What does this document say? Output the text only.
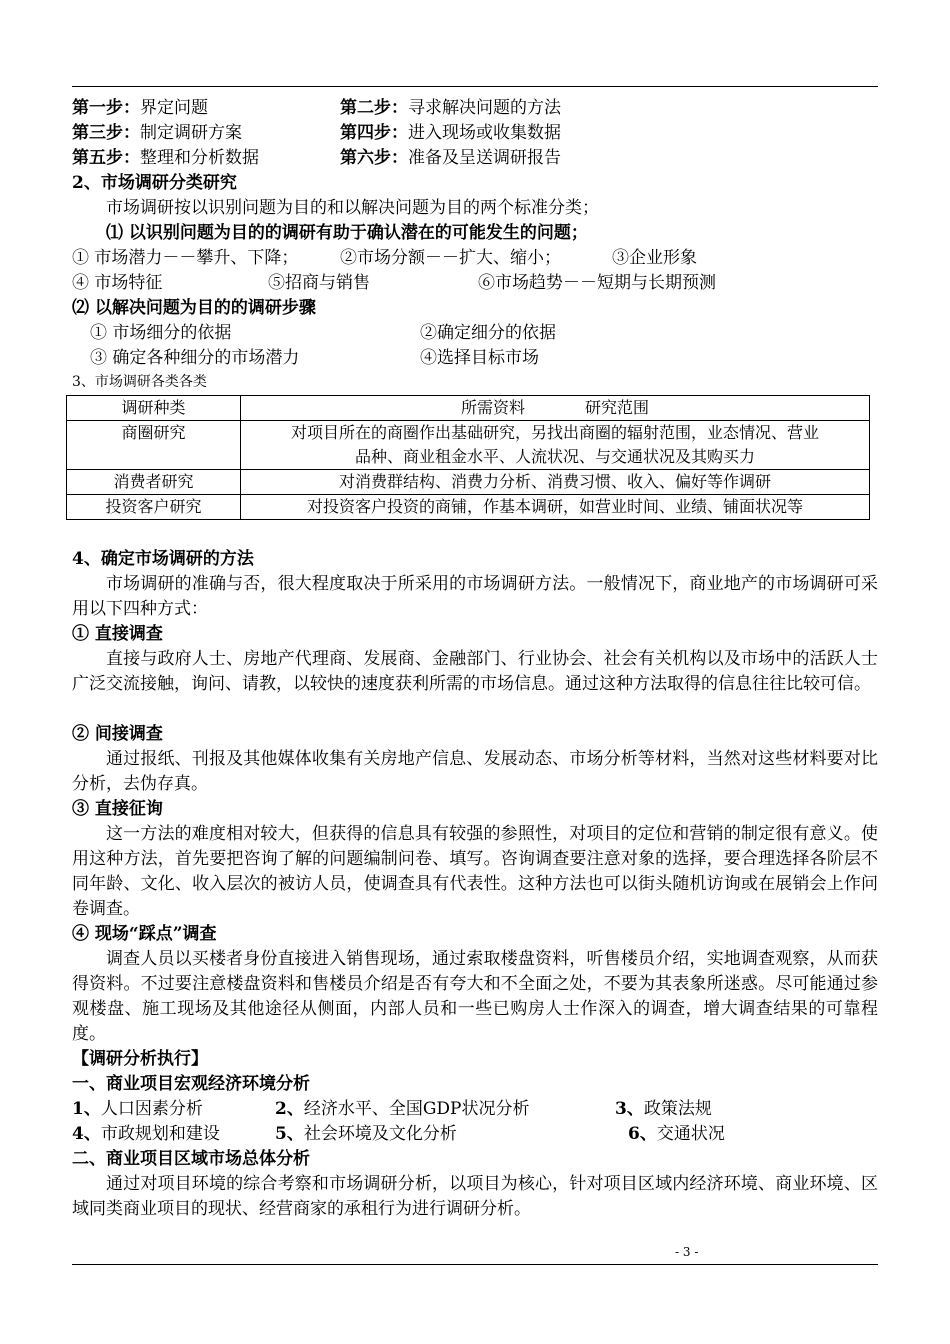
第一步：界定问题	第二步：寻求解决问题的方法
第三步：制定调研方案	第四步：进入现场或收集数据
第五步：整理和分析数据	第六步：准备及呈送调研报告
2、市场调研分类研究
市场调研按以识别问题为目的和以解决问题为目的两个标准分类；
⑴ 以识别问题为目的的调研有助于确认潜在的可能发生的问题；
① 市场潜力－－攀升、下降； ②市场分额－－扩大、缩小；	③企业形象
④ 市场特征	⑤招商与销售	⑥市场趋势－－短期与长期预测
⑵ 以解决问题为目的的调研步骤
① 市场细分的依据	②确定细分的依据
③ 确定各种细分的市场潜力	④选择目标市场
3、市场调研各类各类
调研种类	所需资料 研究范围
商圈研究	对项目所在的商圈作出基础研究，另找出商圈的辐射范围，业态情况、营业
品种、商业租金水平、人流状况、与交通状况及其购买力

消费者研究	对消费群结构、消费力分析、消费习惯、收入、偏好等作调研
投资客户研究	对投资客户投资的商铺，作基本调研，如营业时间、业绩、铺面状况等
4、确定市场调研的方法
市场调研的准确与否，很大程度取决于所采用的市场调研方法。一般情况下，商业地产的市场调研可采用以下四种方式：
① 直接调查
直接与政府人士、房地产代理商、发展商、金融部门、行业协会、社会有关机构以及市场中的活跃人士广泛交流接触，询问、请教，以较快的速度获利所需的市场信息。通过这种方法取得的信息往往比较可信。
② 间接调查
通过报纸、刊报及其他媒体收集有关房地产信息、发展动态、市场分析等材料，当然对这些材料要对比分析，去伪存真。
③ 直接征询
这一方法的难度相对较大，但获得的信息具有较强的参照性，对项目的定位和营销的制定很有意义。使用这种方法，首先要把咨询了解的问题编制问卷、填写。咨询调查要注意对象的选择，要合理选择各阶层不同年龄、文化、收入层次的被访人员，使调查具有代表性。这种方法也可以街头随机访询或在展销会上作问卷调查。
④ 现场“踩点”调查
调查人员以买楼者身份直接进入销售现场，通过索取楼盘资料，听售楼员介绍，实地调查观察，从而获得资料。不过要注意楼盘资料和售楼员介绍是否有夸大和不全面之处，不要为其表象所迷惑。尽可能通过参观楼盘、施工现场及其他途径从侧面，内部人员和一些已购房人士作深入的调查，增大调查结果的可靠程度。
【调研分析执行】
一、商业项目宏观经济环境分析
1、人口因素分析	2、经济水平、全国GDP状况分析	3、政策法规
4、市政规划和建设	5、社会环境及文化分析	6、交通状况
二、商业项目区域市场总体分析
通过对项目环境的综合考察和市场调研分析，以项目为核心，针对项目区域内经济环境、商业环境、区域同类商业项目的现状、经营商家的承租行为进行调研分析。
- 3 -
